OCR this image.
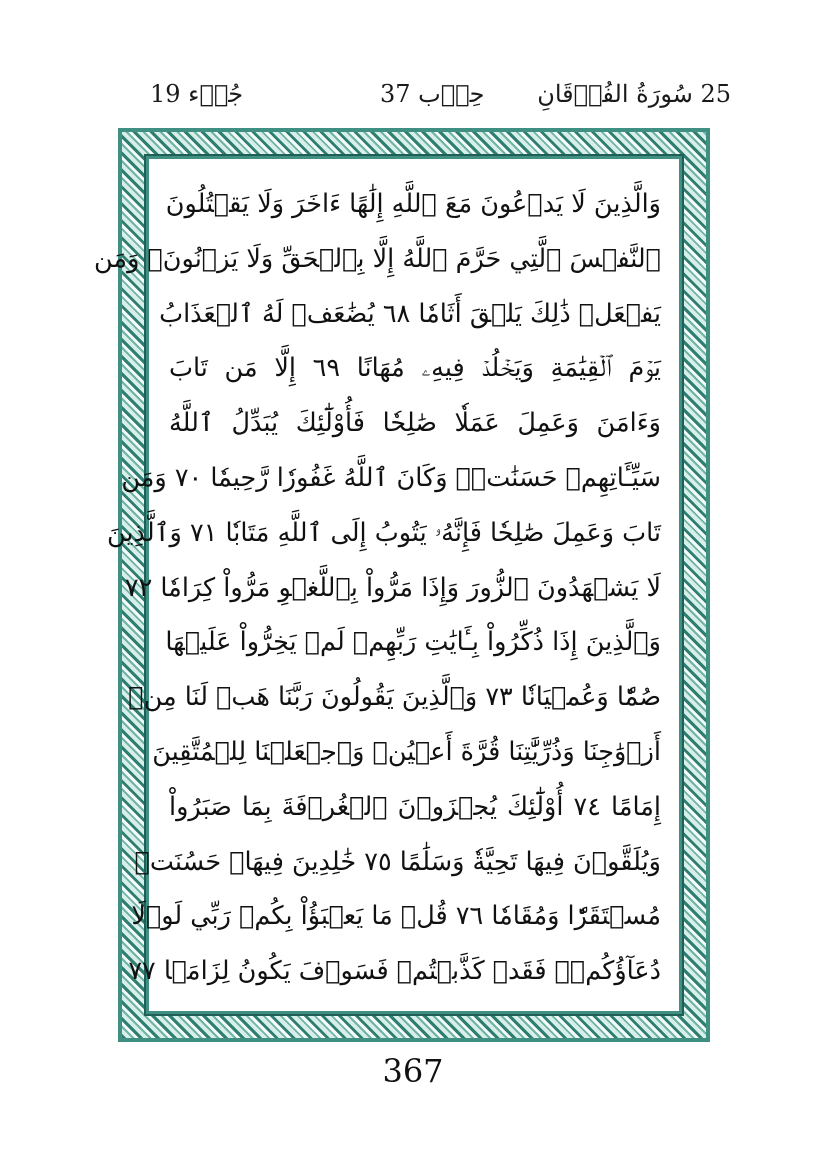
25 سُورَةُ الفُرۡقَانِ
حِزۡب 37
جُزۡء 19
وَالَّذِينَ لَا يَدۡعُونَ مَعَ ٱللَّهِ إِلَٰهًا ءَاخَرَ وَلَا يَقۡتُلُونَ
ٱلنَّفۡسَ ٱلَّتِي حَرَّمَ ٱللَّهُ إِلَّا بِٱلۡحَقِّ وَلَا يَزۡنُونَۚ وَمَن
يَفۡعَلۡ ذَٰلِكَ يَلۡقَ أَثَامٗا ٦٨ يُضَٰعَفۡ لَهُ ٱلۡعَذَابُ
يَوۡمَ ٱلۡقِيَٰمَةِ وَيَخۡلُدۡ فِيهِۦ مُهَانًا ٦٩ إِلَّا مَن تَابَ
وَءَامَنَ وَعَمِلَ عَمَلٗا صَٰلِحٗا فَأُوْلَٰٓئِكَ يُبَدِّلُ ٱللَّهُ
سَيِّـَٔاتِهِمۡ حَسَنَٰتٖۗ وَكَانَ ٱللَّهُ غَفُورٗا رَّحِيمٗا ٧٠ وَمَن
تَابَ وَعَمِلَ صَٰلِحٗا فَإِنَّهُۥ يَتُوبُ إِلَى ٱللَّهِ مَتَابٗا ٧١ وَٱلَّذِينَ
لَا يَشۡهَدُونَ ٱلزُّورَ وَإِذَا مَرُّواْ بِٱللَّغۡوِ مَرُّواْ كِرَامٗا ٧٢
وَٱلَّذِينَ إِذَا ذُكِّرُواْ بِـَٔايَٰتِ رَبِّهِمۡ لَمۡ يَخِرُّواْ عَلَيۡهَا
صُمّٗا وَعُمۡيَانٗا ٧٣ وَٱلَّذِينَ يَقُولُونَ رَبَّنَا هَبۡ لَنَا مِنۡ
أَزۡوَٰجِنَا وَذُرِّيَّٰتِنَا قُرَّةَ أَعۡيُنٖ وَٱجۡعَلۡنَا لِلۡمُتَّقِينَ
إِمَامًا ٧٤ أُوْلَٰٓئِكَ يُجۡزَوۡنَ ٱلۡغُرۡفَةَ بِمَا صَبَرُواْ
وَيُلَقَّوۡنَ فِيهَا تَحِيَّةٗ وَسَلَٰمًا ٧٥ خَٰلِدِينَ فِيهَاۚ حَسُنَتۡ
مُسۡتَقَرّٗا وَمُقَامٗا ٧٦ قُلۡ مَا يَعۡبَؤُاْ بِكُمۡ رَبِّي لَوۡلَا
دُعَآؤُكُمۡۖ فَقَدۡ كَذَّبۡتُمۡ فَسَوۡفَ يَكُونُ لِزَامَۢا ٧٧
367
